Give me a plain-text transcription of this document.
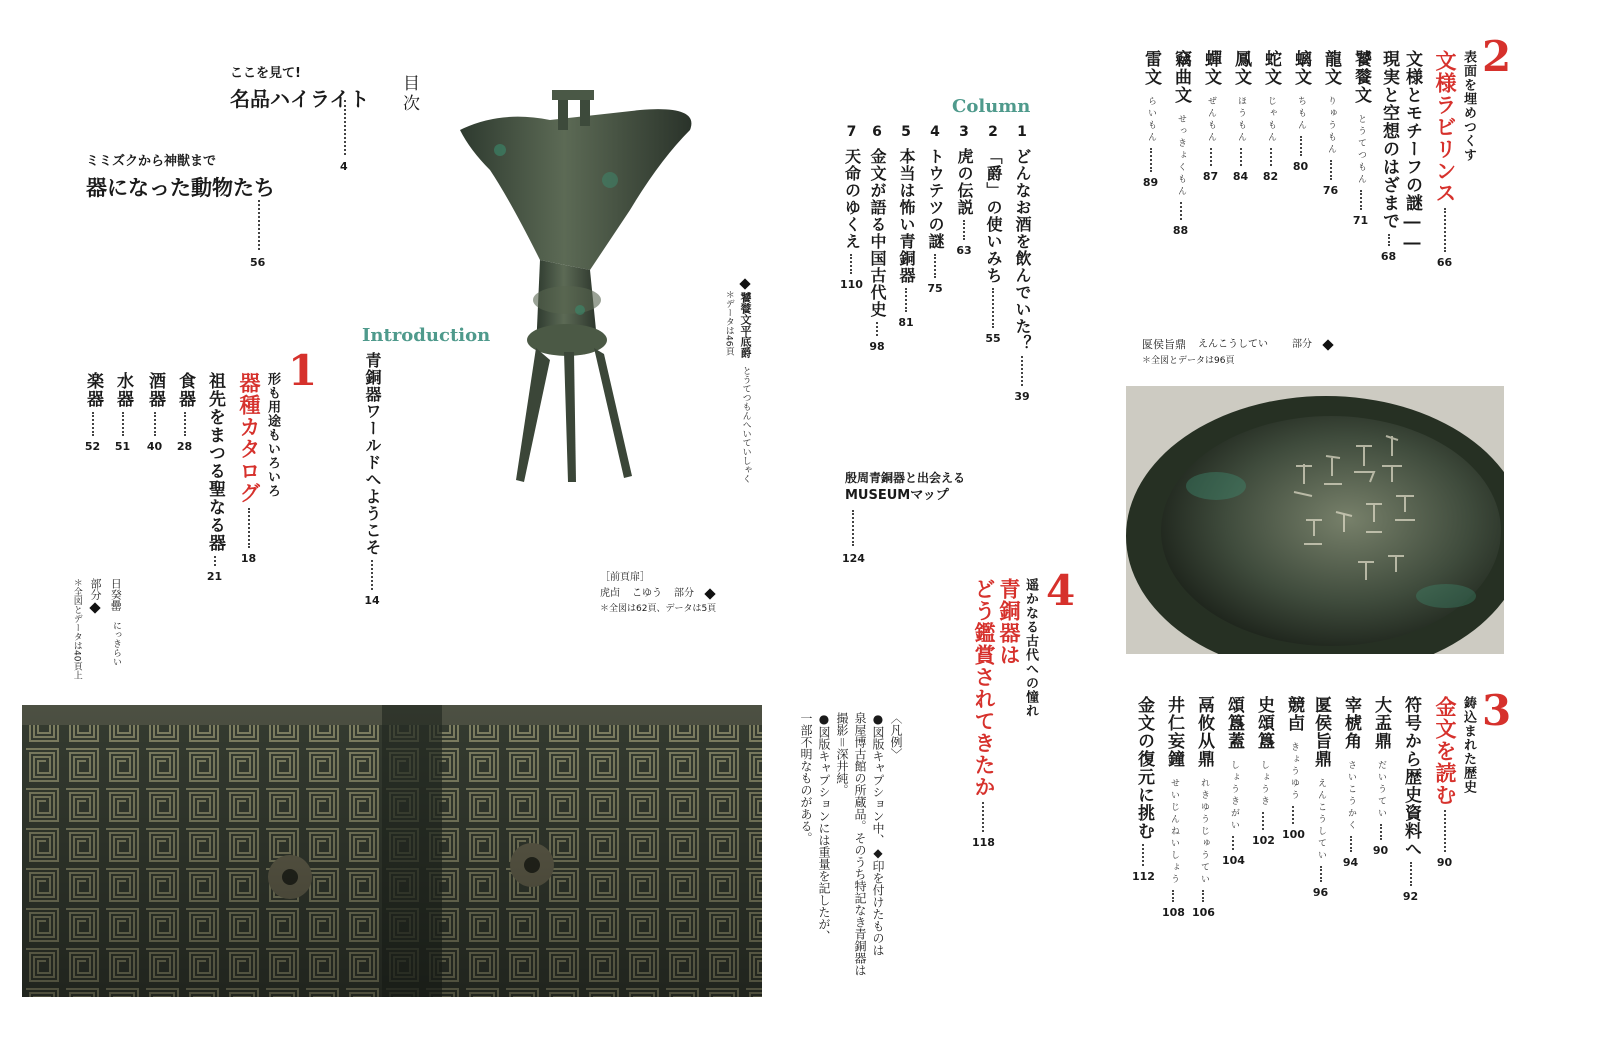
ここを見て!
名品ハイライト
4
目次
ミミズクから神獣まで
器になった動物たち
56
饕餮文平底爵
とうてつもんへいていしゃく
＊データは46頁
［前頁扉］
虎卣 こゆう 部分
＊全図は62頁、データは5頁
Introduction
青銅器ワールドへようこそ
14
1
形も用途もいろいろ
器種カタログ
18
祖先をまつる聖なる器
21
食器
28
酒器
40
水器
51
楽器
52
日癸罍
にっきらい
部分
＊全図とデータは40頁上
Column
1
どんなお酒を飲んでいた？
39
2
「爵」の使いみち
55
3
虎の伝説
63
4
トウテツの謎
75
5
本当は怖い青銅器
81
6
金文が語る中国古代史
98
7
天命のゆくえ
110
殷周青銅器と出会える
MUSEUMマップ
124
4
遥かなる古代への憧れ
青銅器は
どう鑑賞されてきたか
118
〈凡例〉
●図版キャプション中、◆印を付けたものは
泉屋博古館の所蔵品。そのうち特記なき青銅器は
撮影＝深井純。
●図版キャプションには重量を記したが、
一部不明なものがある。
2
表面を埋めつくす
文様ラビリンス
66
文様とモチーフの謎――
現実と空想のはざまで
68
饕餮文
とうてつもん
71
龍文
りゅうもん
76
螭文
ちもん
80
蛇文
じゃもん
82
鳳文
ほうもん
84
蟬文
ぜんもん
87
竊曲文
せっきょくもん
88
雷文
らいもん
89
匽侯旨鼎 えんこうしてい 部分
＊全図とデータは96頁
3
鋳込まれた歴史
金文を読む
90
符号から歴史資料へ
92
大盂鼎
だいうてい
90
宰椃角
さいこうかく
94
匽侯旨鼎
えんこうしてい
96
競卣
きょうゆう
100
史頌簋
しょうき
102
頌簋蓋
しょうきがい
104
鬲攸从鼎
れきゆうじゅうてい
106
井仁妄鐘
せいじんねいしょう
108
金文の復元に挑む
112
